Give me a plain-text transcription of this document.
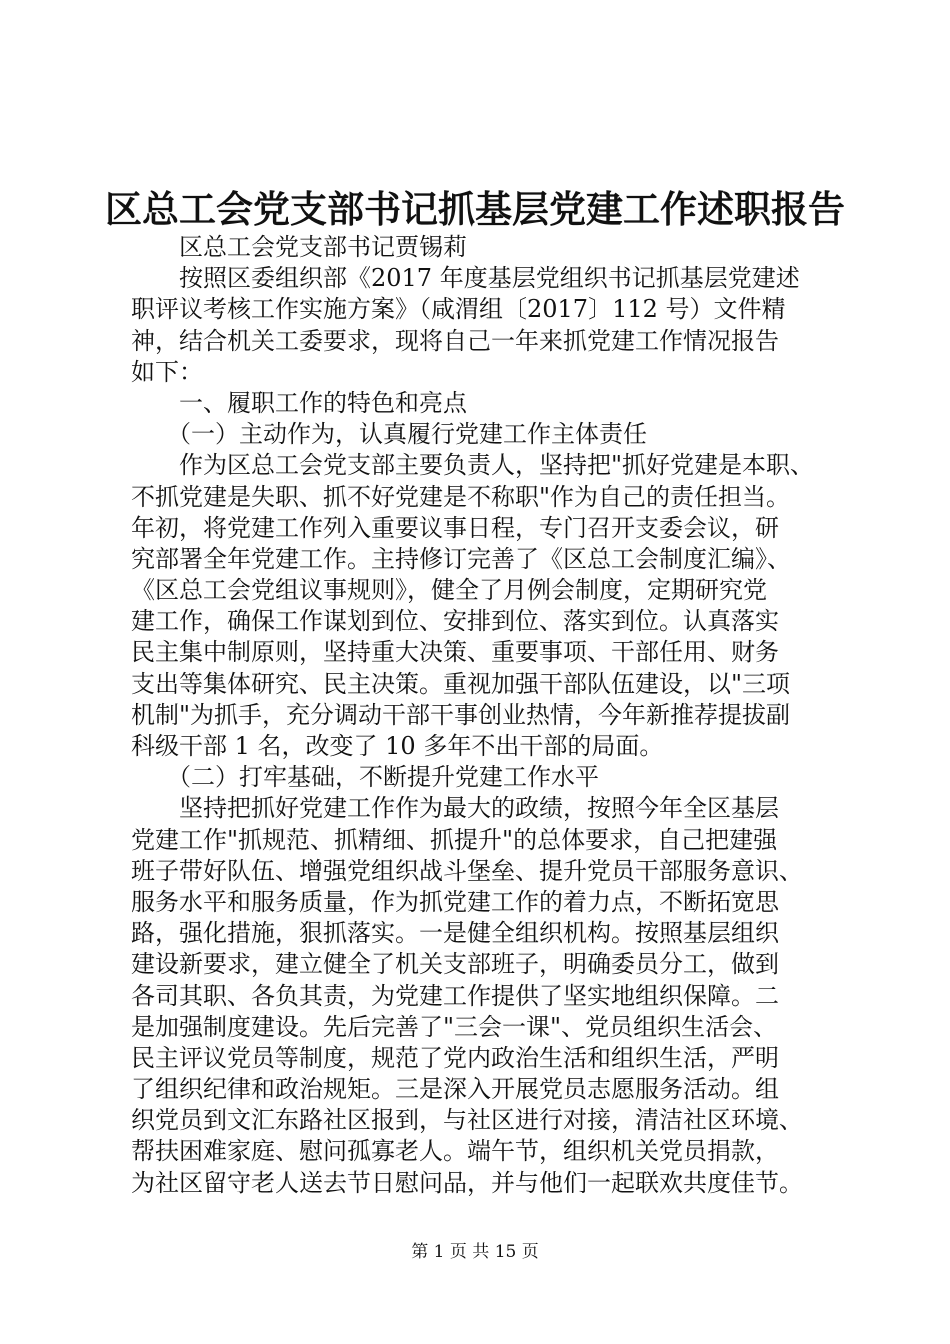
区总工会党支部书记抓基层党建工作述职报告
区总工会党支部书记贾锡莉
按照区委组织部《2017 年度基层党组织书记抓基层党建述
职评议考核工作实施方案》（咸渭组〔2017〕112 号）文件精
神，结合机关工委要求，现将自己一年来抓党建工作情况报告
如下：
一、履职工作的特色和亮点
（一）主动作为，认真履行党建工作主体责任
作为区总工会党支部主要负责人，坚持把"抓好党建是本职、
不抓党建是失职、抓不好党建是不称职"作为自己的责任担当。
年初，将党建工作列入重要议事日程，专门召开支委会议，研
究部署全年党建工作。主持修订完善了《区总工会制度汇编》、
《区总工会党组议事规则》，健全了月例会制度，定期研究党
建工作，确保工作谋划到位、安排到位、落实到位。认真落实
民主集中制原则，坚持重大决策、重要事项、干部任用、财务
支出等集体研究、民主决策。重视加强干部队伍建设，以"三项
机制"为抓手，充分调动干部干事创业热情，今年新推荐提拔副
科级干部 1 名，改变了 10 多年不出干部的局面。
（二）打牢基础，不断提升党建工作水平
坚持把抓好党建工作作为最大的政绩，按照今年全区基层
党建工作"抓规范、抓精细、抓提升"的总体要求，自己把建强
班子带好队伍、增强党组织战斗堡垒、提升党员干部服务意识、
服务水平和服务质量，作为抓党建工作的着力点，不断拓宽思
路，强化措施，狠抓落实。一是健全组织机构。按照基层组织
建设新要求，建立健全了机关支部班子，明确委员分工，做到
各司其职、各负其责，为党建工作提供了坚实地组织保障。二
是加强制度建设。先后完善了"三会一课"、党员组织生活会、
民主评议党员等制度，规范了党内政治生活和组织生活，严明
了组织纪律和政治规矩。三是深入开展党员志愿服务活动。组
织党员到文汇东路社区报到，与社区进行对接，清洁社区环境、
帮扶困难家庭、慰问孤寡老人。端午节，组织机关党员捐款，
为社区留守老人送去节日慰问品，并与他们一起联欢共度佳节。
第 1 页 共 15 页
